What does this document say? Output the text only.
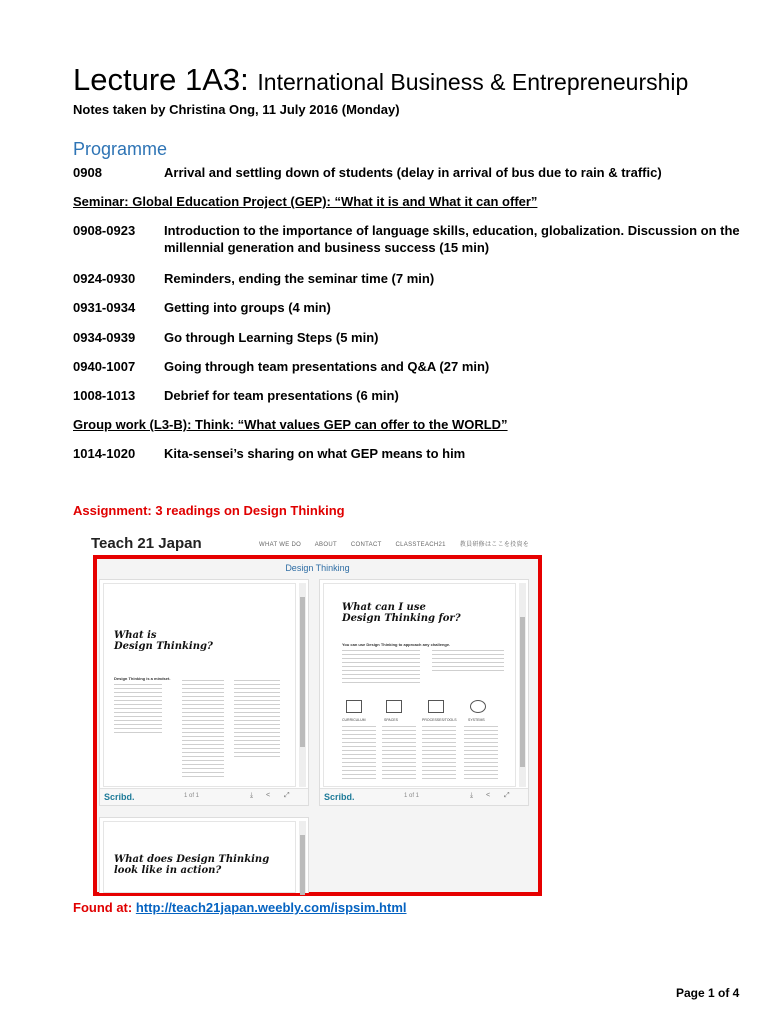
Lecture 1A3: International Business & Entrepreneurship
Notes taken by Christina Ong, 11 July 2016 (Monday)
Programme
0908	Arrival and settling down of students (delay in arrival of bus due to rain & traffic)
Seminar: Global Education Project (GEP): “What it is and What it can offer”
0908-0923 Introduction to the importance of language skills, education, globalization. Discussion on the
millennial generation and business success (15 min)
0924-0930 Reminders, ending the seminar time (7 min)
0931-0934 Getting into groups (4 min)
0934-0939 Go through Learning Steps (5 min)
0940-1007 Going through team presentations and Q&A (27 min)
1008-1013 Debrief for team presentations (6 min)
Group work (L3-B): Think: “What values GEP can offer to the WORLD”
1014-1020 Kita-sensei’s sharing on what GEP means to him
Assignment: 3 readings on Design Thinking
Teach 21 Japan	WHAT WE DO ABOUT CONTACT CLASSTEACH21 教員研修はここを投資を
Design Thinking
What is
Design Thinking?
Design Thinking is a mindset.
Scribd.	1 of 1	⤓ < ⤢
What can I use
Design Thinking for?
You can use Design Thinking to approach any challenge.
CURRICULUM	SPACES	PROCESSES/TOOLS	SYSTEMS
Scribd.	1 of 1	⤓ < ⤢
What does Design Thinking
look like in action?
Found at: http://teach21japan.weebly.com/ispsim.html
Page 1 of 4
